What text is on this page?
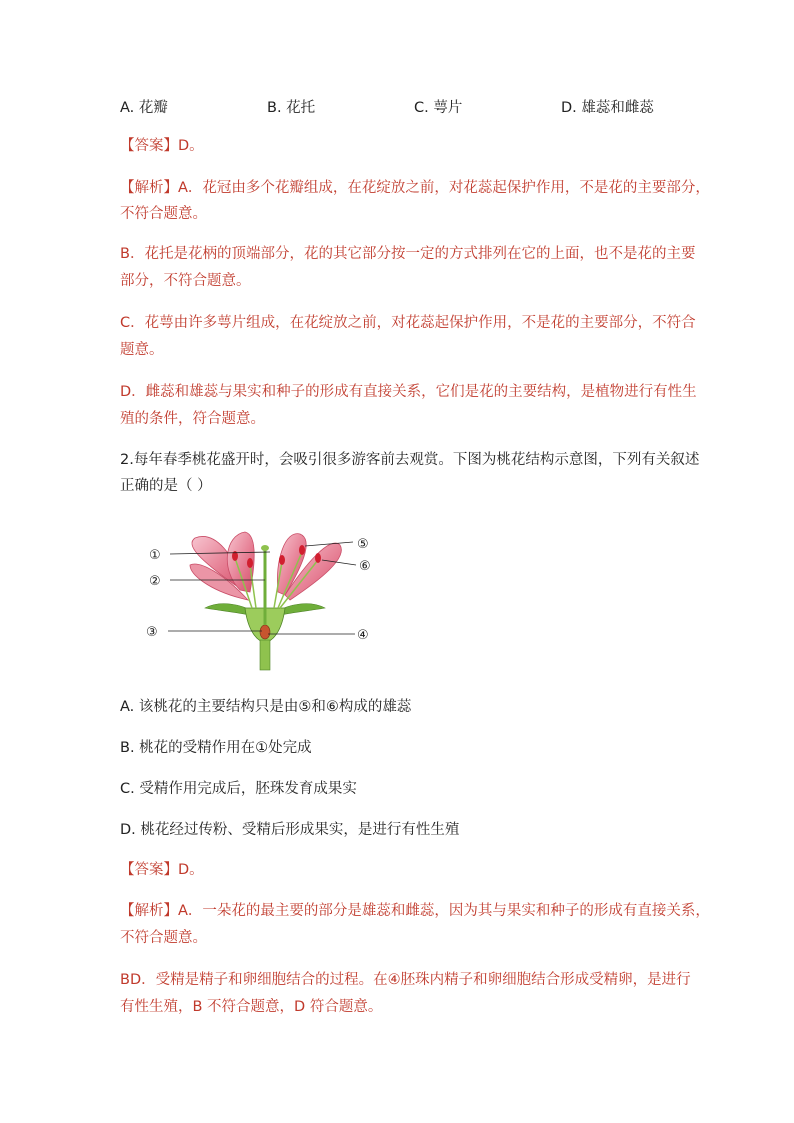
A. 花瓣	B. 花托	C. 萼片	D. 雄蕊和雌蕊
【答案】D。
【解析】A．花冠由多个花瓣组成，在花绽放之前，对花蕊起保护作用，不是花的主要部分，
不符合题意。
B．花托是花柄的顶端部分，花的其它部分按一定的方式排列在它的上面，也不是花的主要
部分，不符合题意。
C．花萼由许多萼片组成，在花绽放之前，对花蕊起保护作用，不是花的主要部分，不符合
题意。
D．雌蕊和雄蕊与果实和种子的形成有直接关系，它们是花的主要结构，是植物进行有性生
殖的条件，符合题意。
2.每年春季桃花盛开时，会吸引很多游客前去观赏。下图为桃花结构示意图，下列有关叙述
正确的是（ ）
①
②
③	④
⑤
⑥
A. 该桃花的主要结构只是由⑤和⑥构成的雄蕊
B. 桃花的受精作用在①处完成
C. 受精作用完成后，胚珠发育成果实
D. 桃花经过传粉、受精后形成果实，是进行有性生殖
【答案】D。
【解析】A．一朵花的最主要的部分是雄蕊和雌蕊，因为其与果实和种子的形成有直接关系，
不符合题意。
BD．受精是精子和卵细胞结合的过程。在④胚珠内精子和卵细胞结合形成受精卵，是进行
有性生殖，B 不符合题意，D 符合题意。
